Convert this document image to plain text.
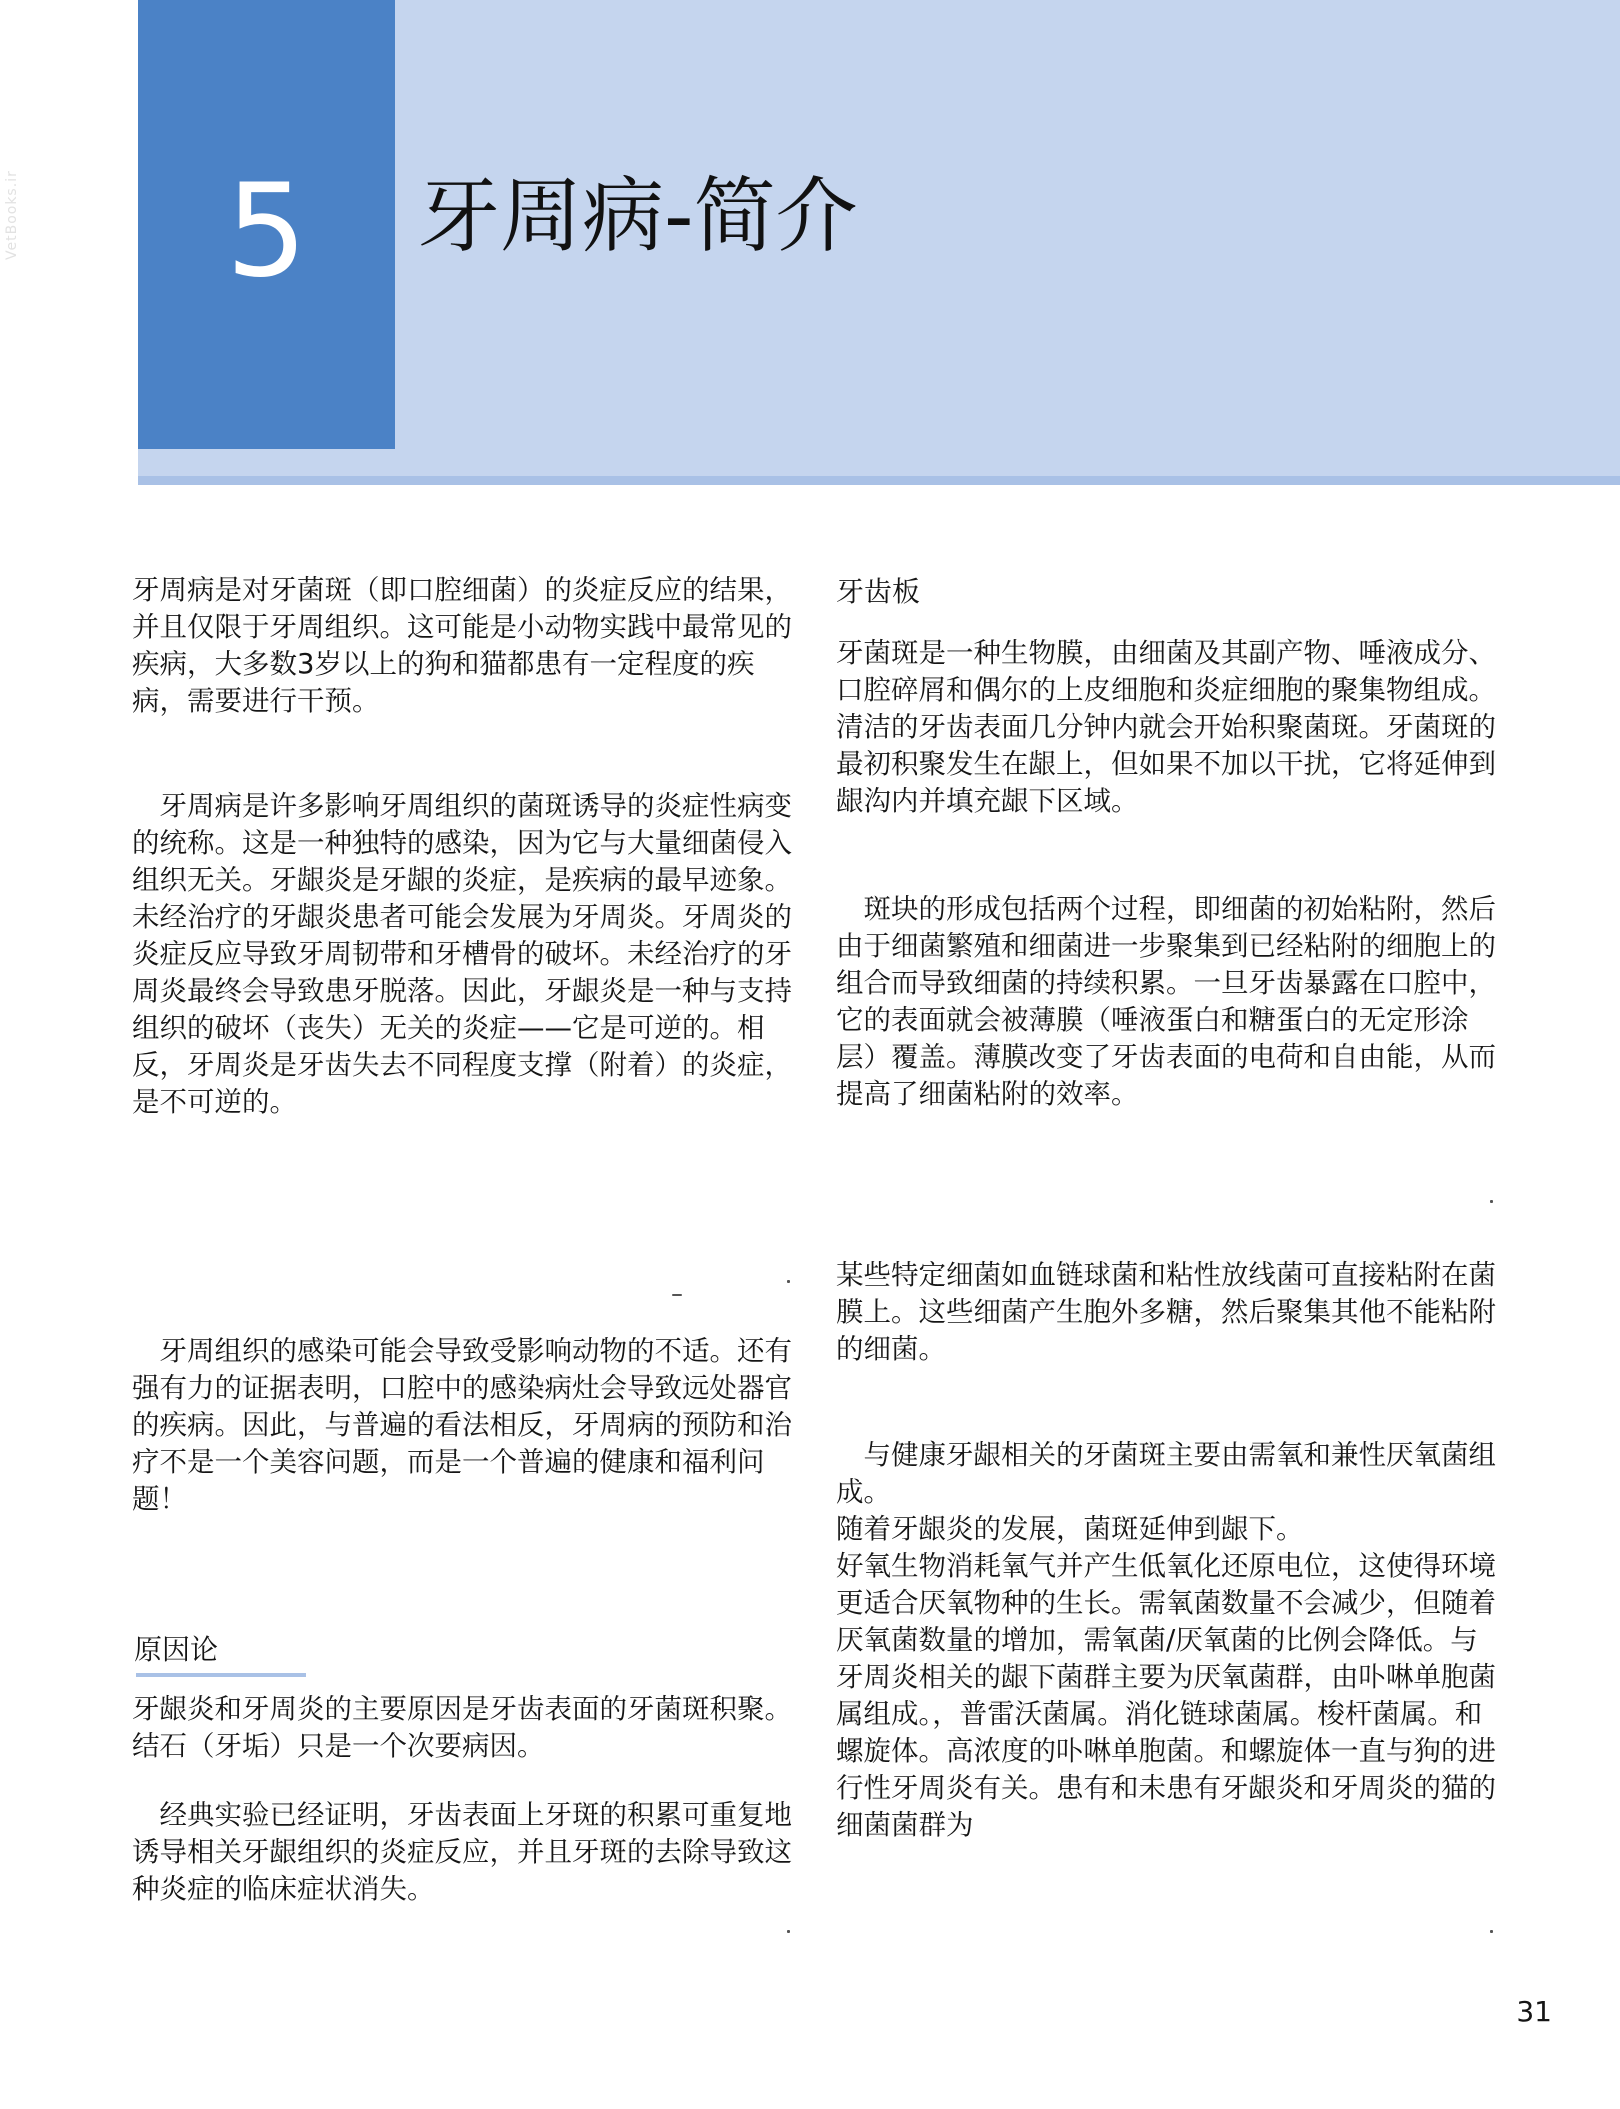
5	牙周病-简介
VetBooks.ir

牙周病是对牙菌斑（即口腔细菌）的炎症反应的结果，并且仅限于牙周组织。这可能是小动物实践中最常见的疾病，大多数3岁以上的狗和猫都患有一定程度的疾病，需要进行干预。

　牙周病是许多影响牙周组织的菌斑诱导的炎症性病变的统称。这是一种独特的感染，因为它与大量细菌侵入组织无关。牙龈炎是牙龈的炎症，是疾病的最早迹象。未经治疗的牙龈炎患者可能会发展为牙周炎。牙周炎的炎症反应导致牙周韧带和牙槽骨的破坏。未经治疗的牙周炎最终会导致患牙脱落。因此，牙龈炎是一种与支持组织的破坏（丧失）无关的炎症——它是可逆的。相反，牙周炎是牙齿失去不同程度支撑（附着）的炎症，是不可逆的。

　牙周组织的感染可能会导致受影响动物的不适。还有强有力的证据表明，口腔中的感染病灶会导致远处器官的疾病。因此，与普遍的看法相反，牙周病的预防和治疗不是一个美容问题，而是一个普遍的健康和福利问题！

原因论

牙龈炎和牙周炎的主要原因是牙齿表面的牙菌斑积聚。结石（牙垢）只是一个次要病因。

　经典实验已经证明，牙齿表面上牙斑的积累可重复地诱导相关牙龈组织的炎症反应，并且牙斑的去除导致这种炎症的临床症状消失。

牙齿板

牙菌斑是一种生物膜，由细菌及其副产物、唾液成分、口腔碎屑和偶尔的上皮细胞和炎症细胞的聚集物组成。
清洁的牙齿表面几分钟内就会开始积聚菌斑。牙菌斑的最初积聚发生在龈上，但如果不加以干扰，它将延伸到龈沟内并填充龈下区域。

　斑块的形成包括两个过程，即细菌的初始粘附，然后由于细菌繁殖和细菌进一步聚集到已经粘附的细胞上的组合而导致细菌的持续积累。一旦牙齿暴露在口腔中，它的表面就会被薄膜（唾液蛋白和糖蛋白的无定形涂层）覆盖。薄膜改变了牙齿表面的电荷和自由能，从而提高了细菌粘附的效率。

某些特定细菌如血链球菌和粘性放线菌可直接粘附在菌膜上。这些细菌产生胞外多糖，然后聚集其他不能粘附的细菌。

　与健康牙龈相关的牙菌斑主要由需氧和兼性厌氧菌组成。
随着牙龈炎的发展，菌斑延伸到龈下。
好氧生物消耗氧气并产生低氧化还原电位，这使得环境更适合厌氧物种的生长。需氧菌数量不会减少，但随着厌氧菌数量的增加，需氧菌/厌氧菌的比例会降低。与牙周炎相关的龈下菌群主要为厌氧菌群，由卟啉单胞菌属组成。，普雷沃菌属。消化链球菌属。梭杆菌属。和螺旋体。高浓度的卟啉单胞菌。和螺旋体一直与狗的进行性牙周炎有关。患有和未患有牙龈炎和牙周炎的猫的细菌菌群为

31
